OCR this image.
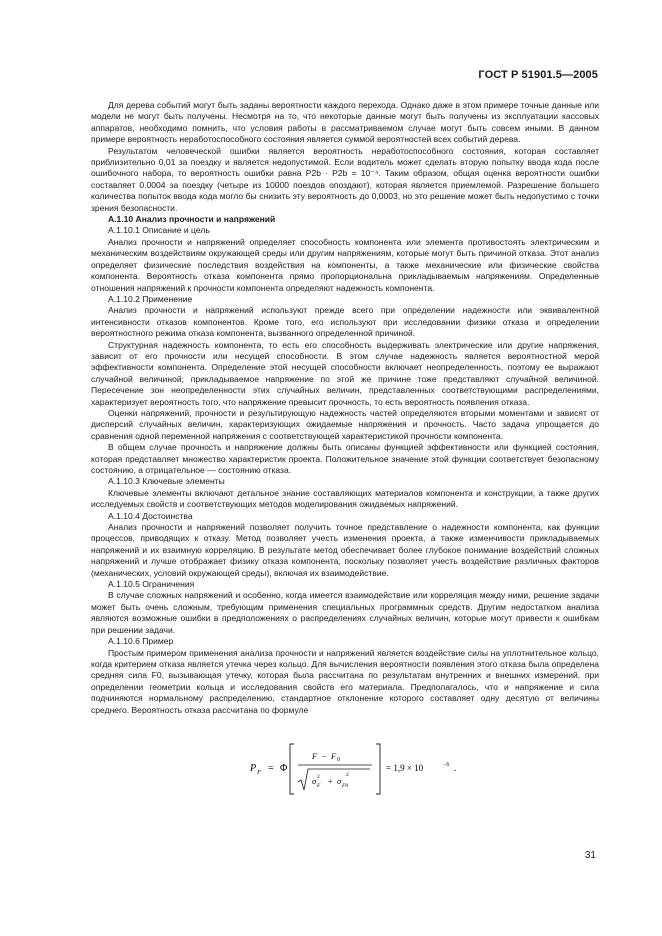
ГОСТ Р 51901.5—2005

Для дерева событий могут быть заданы вероятности каждого перехода. Однако даже в этом примере точные данные или модели не могут быть получены. Несмотря на то, что некоторые данные могут быть получены из эксплуатации кассовых аппаратов, необходимо помнить, что условия работы в рассматриваемом случае могут быть совсем иными. В данном примере вероятность неработоспособного состояния является суммой вероятностей всех событий дерева.

Результатом человеческой ошибки является вероятность неработоспособного состояния, которая составляет приблизительно 0,01 за поездку и является недопустимой. Если водитель может сделать вторую попытку ввода кода после ошибочного набора, то вероятность ошибки равна P2b · P2b = 10⁻⁴. Таким образом, общая оценка вероятности ошибки составляет 0.0004 за поездку (четыре из 10000 поездов опоздают), которая является приемлемой. Разрешение большего количества попыток ввода кода могло бы снизить эту вероятность до 0,0003, но это решение может быть недопустимо с точки зрения безопасности.

А.1.10 Анализ прочности и напряжений

А.1.10.1 Описание и цель

Анализ прочности и напряжений определяет способность компонента или элемента противостоять электрическим и механическим воздействиям окружающей среды или другим напряжениям, которые могут быть причиной отказа. Этот анализ определяет физические последствия воздействия на компоненты, а также механические или физические свойства компонента. Вероятность отказа компонента прямо пропорциональна прикладываемым напряжениям. Определенные отношения напряжений к прочности компонента определяют надежность компонента.

А.1.10.2 Применение

Анализ прочности и напряжений используют прежде всего при определении надежности или эквивалентной интенсивности отказов компонентов. Кроме того, его используют при исследовании физики отказа и определении вероятностного режима отказа компонента, вызванного определенной причиной.

Структурная надежность компонента, то есть его способность выдерживать электрические или другие напряжения, зависит от его прочности или несущей способности. В этом случае надежность является вероятностной мерой эффективности компонента. Определение этой несущей способности включает неопределенность, поэтому ее выражают случайной величиной; прикладываемое напряжение по этой же причине тоже представляют случайной величиной. Пересечение зон неопределенности этих случайных величин, представленных соответствующими распределениями, характеризует вероятность того, что напряжение превысит прочность, то есть вероятность появления отказа.

Оценки напряжений, прочности и результирующую надежность частей определяются вторыми моментами и зависят от дисперсий случайных величин, характеризующих ожидаемые напряжения и прочность. Часто задача упрощается до сравнения одной переменной напряжения с соответствующей характеристикой прочности компонента.

В общем случае прочность и напряжение должны быть описаны функцией эффективности или функцией состояния, которая представляет множество характеристик проекта. Положительное значение этой функции соответствует безопасному состоянию, а отрицательное — состоянию отказа.

А.1.10.3 Ключевые элементы

Ключевые элементы включают детальное знание составляющих материалов компонента и конструкции, а также других исследуемых свойств и соответствующих методов моделирования ожидаемых напряжений.

А.1.10.4 Достоинства

Анализ прочности и напряжений позволяет получить точное представление о надежности компонента, как функции процессов, приводящих к отказу. Метод позволяет учесть изменения проекта, а также изменчивости прикладываемых напряжений и их взаимную корреляцию. В результате метод обеспечивает более глубокое понимание воздействий сложных напряжений и лучше отображает физику отказа компонента, поскольку позволяет учесть воздействие различных факторов (механических, условий окружающей среды), включая их взаимодействие.

А.1.10.5 Ограничения

В случае сложных напряжений и особенно, когда имеется взаимодействие или корреляция между ними, решение задачи может быть очень сложным, требующим применения специальных программных средств. Другим недостатком анализа являются возможные ошибки в предположениях о распределениях случайных величин, которые могут привести к ошибкам при решении задачи.

А.1.10.6 Пример

Простым примером применения анализа прочности и напряжений является воздействие силы на уплотнительное кольцо, когда критерием отказа является утечка через кольцо. Для вычисления вероятности появления этого отказа была определена средняя сила F0, вызывающая утечку, которая была рассчитана по результатам внутренних и внешних измерений, при определении геометрии кольца и исследования свойств его материала. Предполагалось, что и напряжение и сила подчиняются нормальному распределению, стандартное отклонение которого составляет одну десятую от величины среднего. Вероятность отказа рассчитана по формуле

P F = Φ
F − F 0
σ F
2 + σ F0
2
= 1,9 × 10	−6 .
31
